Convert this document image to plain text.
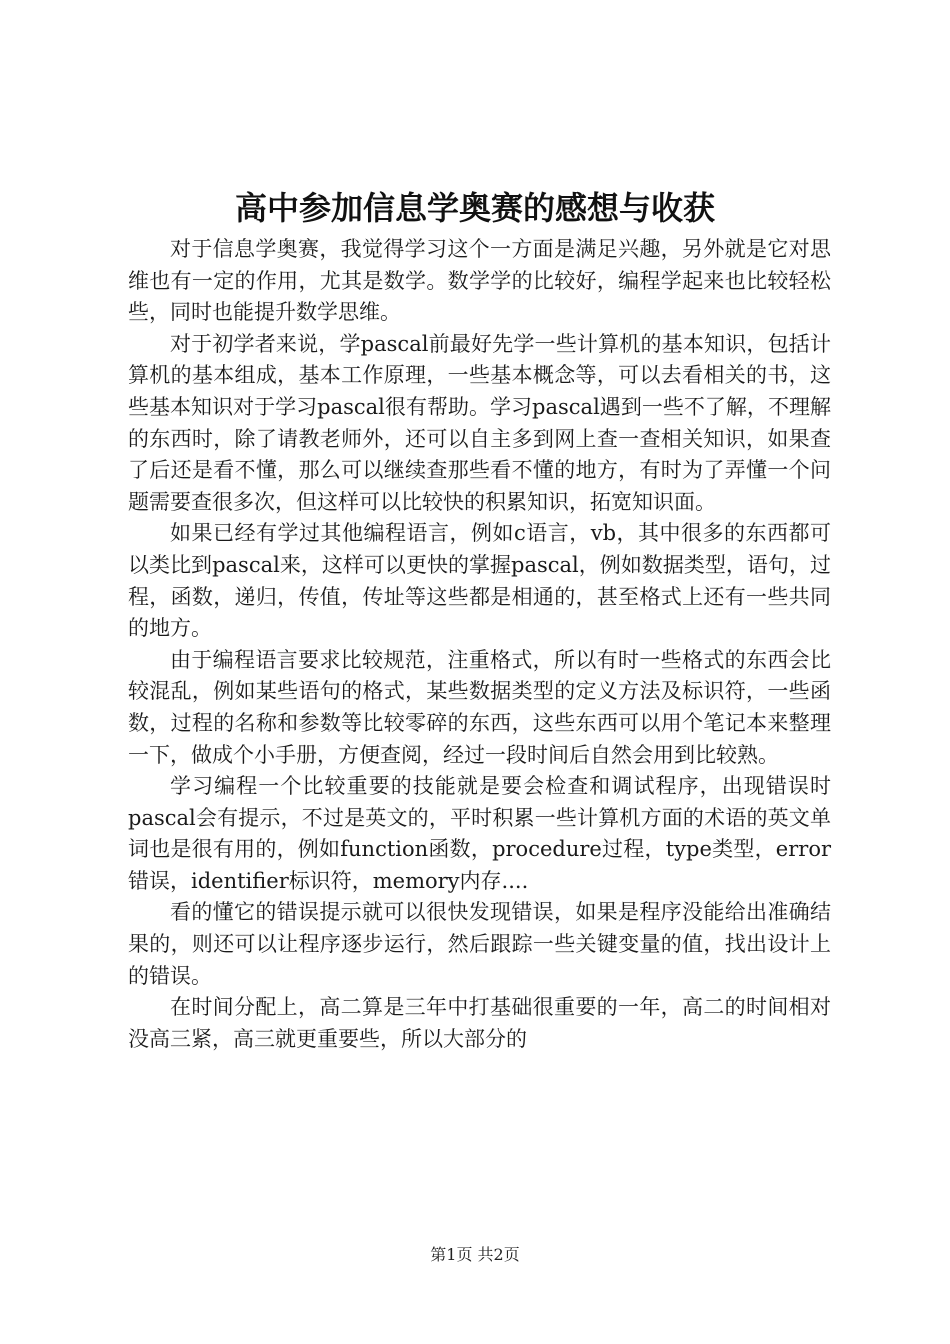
高中参加信息学奥赛的感想与收获

对于信息学奥赛，我觉得学习这个一方面是满足兴趣，另外就是它对思维也有一定的作用，尤其是数学。数学学的比较好，编程学起来也比较轻松些，同时也能提升数学思维。

对于初学者来说，学pascal前最好先学一些计算机的基本知识，包括计算机的基本组成，基本工作原理，一些基本概念等，可以去看相关的书，这些基本知识对于学习pascal很有帮助。学习pascal遇到一些不了解，不理解的东西时，除了请教老师外，还可以自主多到网上查一查相关知识，如果查了后还是看不懂，那么可以继续查那些看不懂的地方，有时为了弄懂一个问题需要查很多次，但这样可以比较快的积累知识，拓宽知识面。

如果已经有学过其他编程语言，例如c语言，vb，其中很多的东西都可以类比到pascal来，这样可以更快的掌握pascal，例如数据类型，语句，过程，函数，递归，传值，传址等这些都是相通的，甚至格式上还有一些共同的地方。

由于编程语言要求比较规范，注重格式，所以有时一些格式的东西会比较混乱，例如某些语句的格式，某些数据类型的定义方法及标识符，一些函数，过程的名称和参数等比较零碎的东西，这些东西可以用个笔记本来整理一下，做成个小手册，方便查阅，经过一段时间后自然会用到比较熟。

学习编程一个比较重要的技能就是要会检查和调试程序，出现错误时pascal会有提示，不过是英文的，平时积累一些计算机方面的术语的英文单词也是很有用的，例如function函数，procedure过程，type类型，error错误，identifier标识符，memory内存....

看的懂它的错误提示就可以很快发现错误，如果是程序没能给出准确结果的，则还可以让程序逐步运行，然后跟踪一些关键变量的值，找出设计上的错误。

在时间分配上，高二算是三年中打基础很重要的一年，高二的时间相对没高三紧，高三就更重要些，所以大部分的

第1页 共2页
